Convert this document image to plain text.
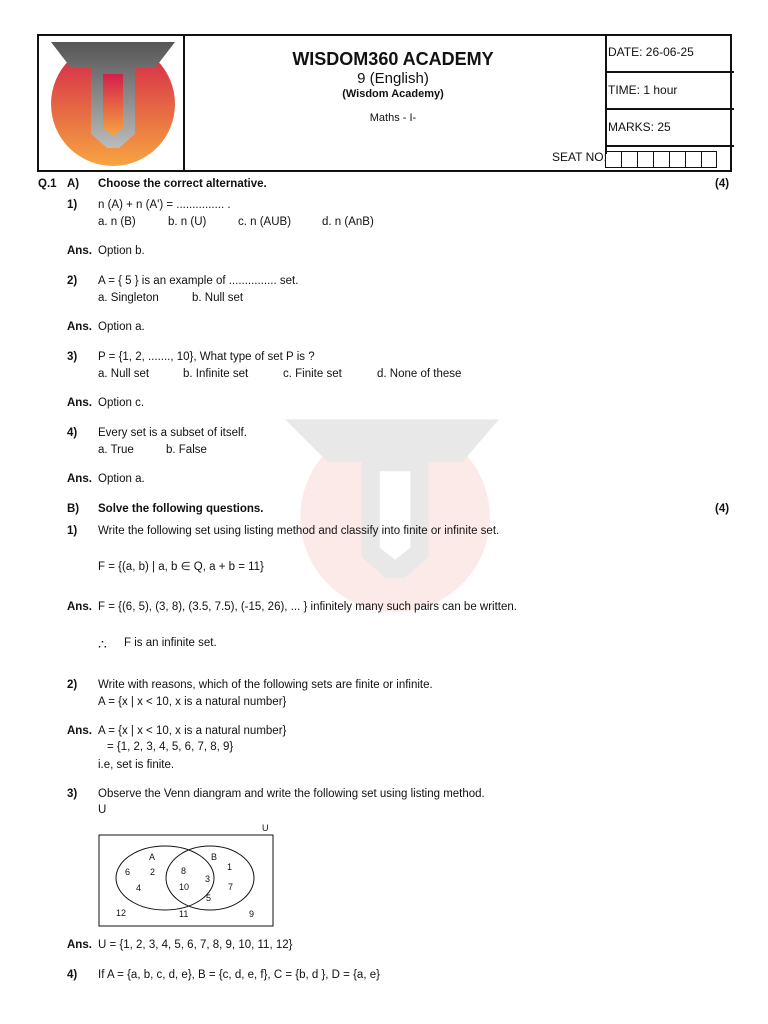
DATE: 26-06-25
TIME: 1 hour
MARKS: 25
WISDOM360 ACADEMY
9 (English)
(Wisdom Academy)
Maths - I-
SEAT NO:
Q.1 A) Choose the correct alternative.	(4)
1) n (A) + n (A') = ............... .
a. n (B)	b. n (U)	c. n (AUB)	d. n (AnB)
Ans. Option b.
2) A = { 5 } is an example of ............... set.
a. Singleton	b. Null set
Ans. Option a.
3) P = {1, 2, ......., 10}, What type of set P is ?
a. Null set	b. Infinite set	c. Finite set	d. None of these
Ans. Option c.
4) Every set is a subset of itself.
a. True	b. False
Ans. Option a.
B) Solve the following questions.	(4)
1) Write the following set using listing method and classify into finite or infinite set.
F = {(a, b) | a, b ∈ Q, a + b = 11}
Ans. F = {(6, 5), (3, 8), (3.5, 7.5), (-15, 26), ... } infinitely many such pairs can be written.
∴ F is an infinite set.
2) Write with reasons, which of the following sets are finite or infinite.
A = {x | x < 10, x is a natural number}
Ans. A = {x | x < 10, x is a natural number}
= {1, 2, 3, 4, 5, 6, 7, 8, 9}
i.e, set is finite.
3) Observe the Venn diangram and write the following set using listing method.
U
U
A	B
6 2
4
8
10
1
3
7
5
12	11	9
Ans. U = {1, 2, 3, 4, 5, 6, 7, 8, 9, 10, 11, 12}
4) If A = {a, b, c, d, e}, B = {c, d, e, f}, C = {b, d }, D = {a, e}
